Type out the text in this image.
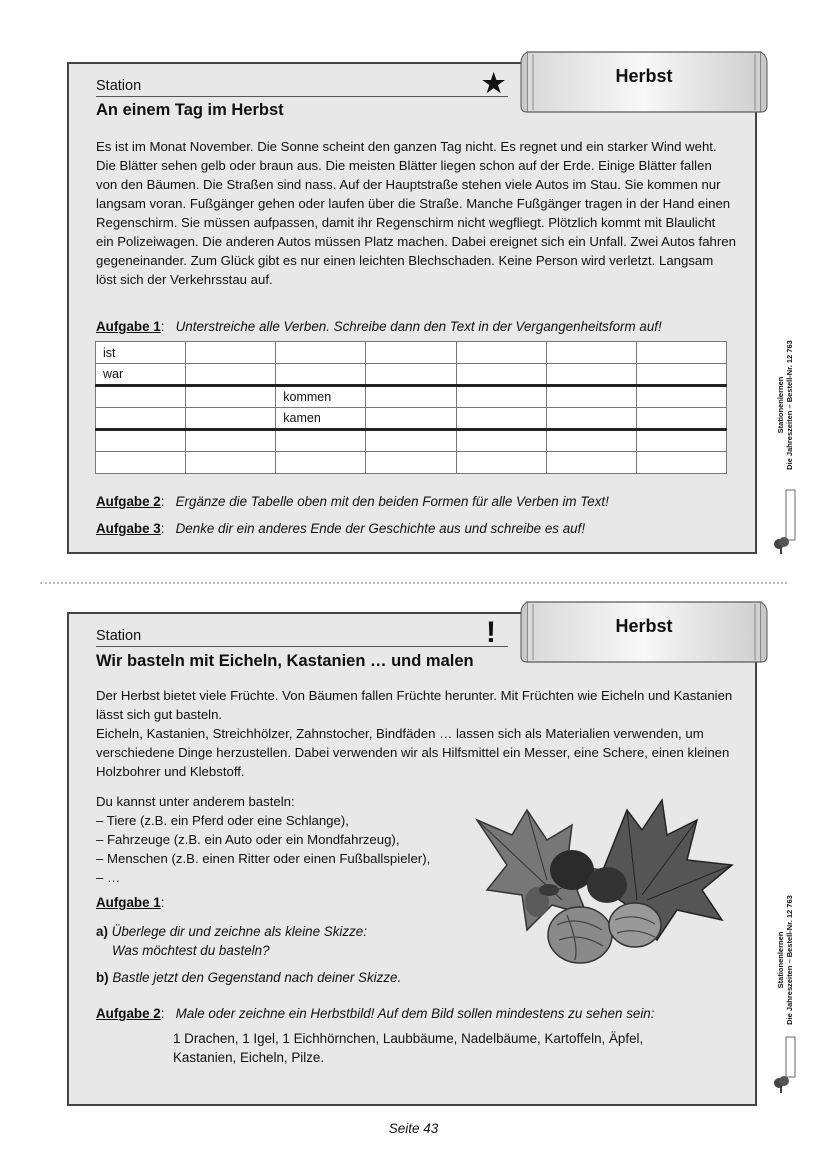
Station	★
An einem Tag im Herbst

Es ist im Monat November. Die Sonne scheint den ganzen Tag nicht. Es regnet und ein starker Wind weht. Die Blätter sehen gelb oder braun aus. Die meisten Blätter liegen schon auf der Erde. Einige Blätter fallen von den Bäumen. Die Straßen sind nass. Auf der Hauptstraße stehen viele Autos im Stau. Sie kommen nur langsam voran. Fußgänger gehen oder laufen über die Straße. Manche Fußgänger tragen in der Hand einen Regenschirm. Sie müssen aufpassen, damit ihr Regenschirm nicht wegfliegt. Plötzlich kommt mit Blaulicht ein Polizeiwagen. Die anderen Autos müssen Platz machen. Dabei ereignet sich ein Unfall. Zwei Autos fahren gegeneinander. Zum Glück gibt es nur einen leichten Blechschaden. Keine Person wird verletzt. Langsam löst sich der Verkehrsstau auf.

Aufgabe 1:   Unterstreiche alle Verben. Schreibe dann den Text in der Vergangenheitsform auf!
ist						
war						
		kommen				
		kamen				

Aufgabe 2:   Ergänze die Tabelle oben mit den beiden Formen für alle Verben im Text!
Aufgabe 3:   Denke dir ein anderes Ende der Geschichte aus und schreibe es auf!
Herbst
Stationenlernen
Die Jahreszeiten – Bestell-Nr. 12 763
Station	!
Wir basteln mit Eicheln, Kastanien … und malen

Der Herbst bietet viele Früchte. Von Bäumen fallen Früchte herunter. Mit Früchten wie Eicheln und Kastanien lässt sich gut basteln.

Eicheln, Kastanien, Streichhölzer, Zahnstocher, Bindfäden … lassen sich als Materialien verwenden, um verschiedene Dinge herzustellen. Dabei verwenden wir als Hilfsmittel ein Messer, eine Schere, einen kleinen Holzbohrer und Klebstoff.

Du kannst unter anderem basteln:

– Tiere (z.B. ein Pferd oder eine Schlange),

– Fahrzeuge (z.B. ein Auto oder ein Mondfahrzeug),

– Menschen (z.B. einen Ritter oder einen Fußballspieler),

– …

Aufgabe 1:
a) Überlege dir und zeichne als kleine Skizze:
Was möchtest du basteln?
b) Bastle jetzt den Gegenstand nach deiner Skizze.
Aufgabe 2:   Male oder zeichne ein Herbstbild! Auf dem Bild sollen mindestens zu sehen sein:
1 Drachen, 1 Igel, 1 Eichhörnchen, Laubbäume, Nadelbäume, Kartoffeln, Äpfel,
Kastanien, Eicheln, Pilze.
Herbst
Stationenlernen
Die Jahreszeiten – Bestell-Nr. 12 763
Seite 43
